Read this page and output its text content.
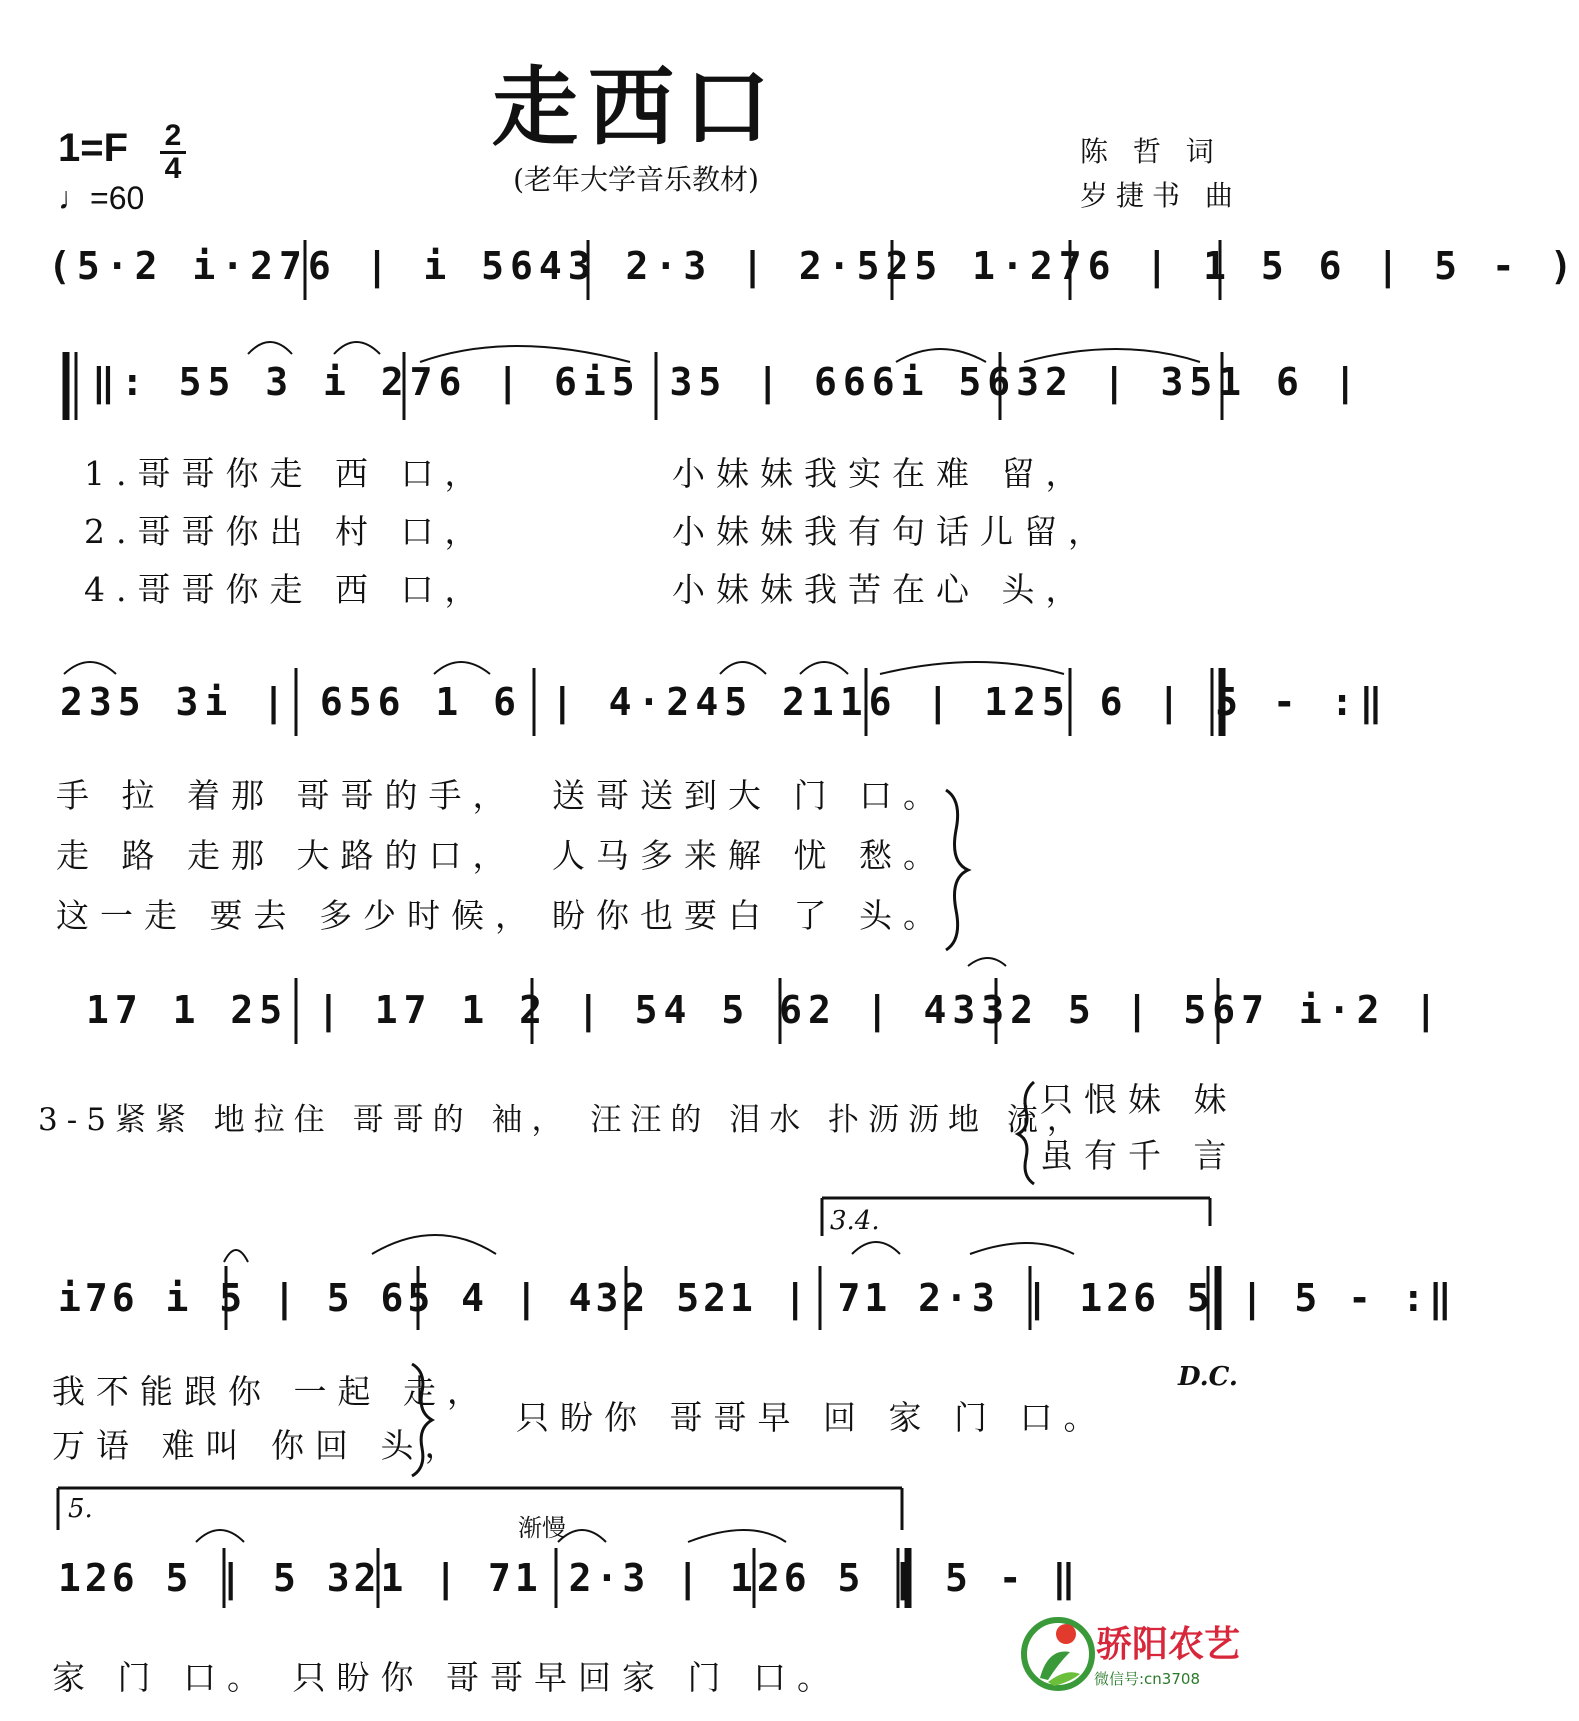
走西口
(老年大学音乐教材)
1=F 2
4
♩=60
陈 哲 词
岁捷书 曲
(5·2 i·276 | i 5643 2·3 | 2·525 1·276 | 1 5 6 | 5 - )
‖: 55 3 i 276 | 6i5 35 | 666i 5632 | 351 6 |
1.哥哥你走 西 口，	小妹妹我实在难 留，
2.哥哥你出 村 口，	小妹妹我有句话儿留，
4.哥哥你走 西 口，	小妹妹我苦在心 头，
235 3i | 656 1 6 | 4·245 2116 | 125 6 | 5 - :‖
手 拉 着那 哥哥的手， 送哥送到大 门 口。
走 路 走那 大路的口， 人马多来解 忧 愁。
这一走 要去 多少时候， 盼你也要白 了 头。
17 1 25 | 17 1 2 | 54 5 62 | 4332 5 | 567 i·2 |
3-5紧紧 地拉住 哥哥的 袖， 汪汪的 泪水 扑沥沥地 流，
只恨妹 妹
虽有千 言
3.4.
i76 i 5 | 5 65 4 | 432 521 | 71 2·3 | 126 5 | 5 - :‖
我不能跟你 一起 走，
万语 难叫 你回 头，
只盼你 哥哥早 回 家 门 口。
D.C.
5.
渐慢
126 5 | 5 321 | 71 2·3 | 126 5 | 5 - ‖
家 门 口。 只盼你 哥哥早回家 门 口。
骄阳农艺
微信号:cn3708
